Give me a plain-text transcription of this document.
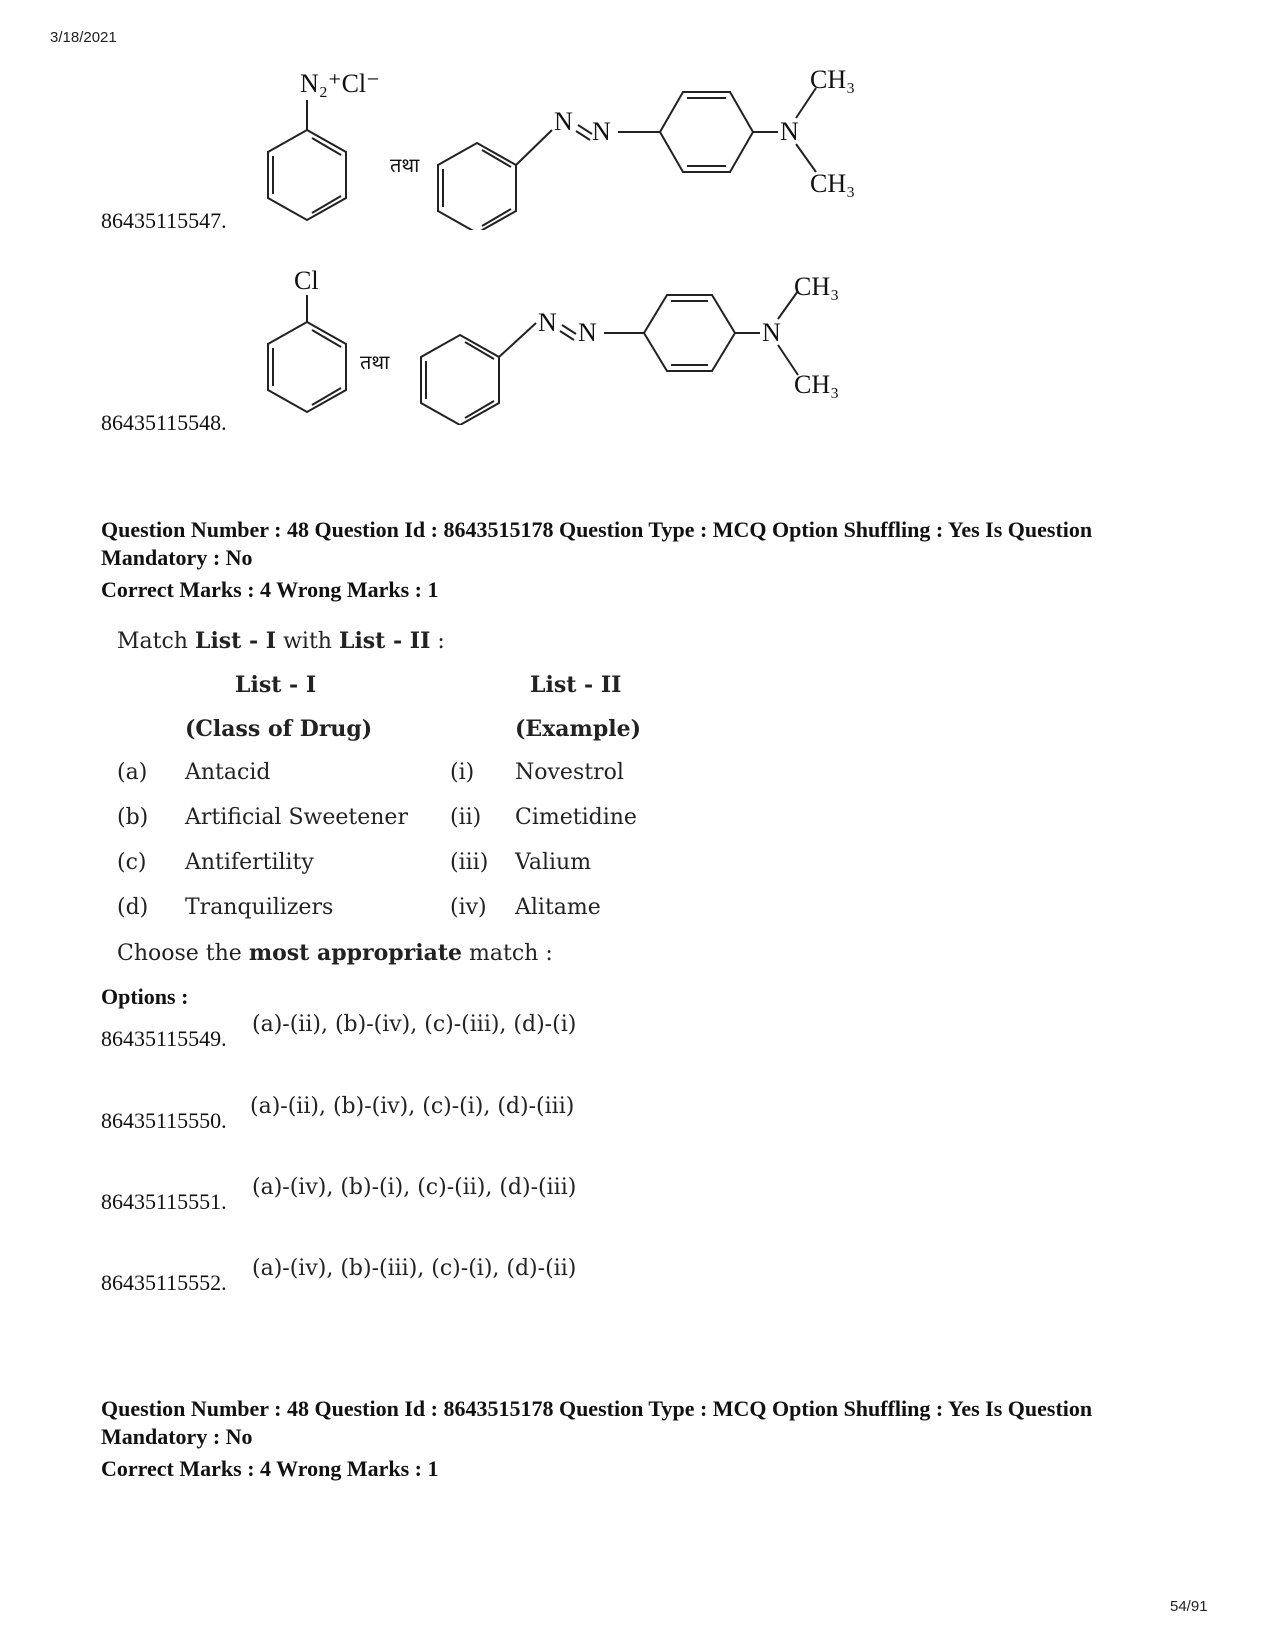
3/18/2021
54/91
86435115547.
N₂⁺Cl⁻
तथा
N N	N
CH₃
CH₃
86435115548.
Cl
तथा
N N	N
CH₃
CH₃
Question Number : 48 Question Id : 8643515178 Question Type : MCQ Option Shuffling : Yes Is Question Mandatory : No
Correct Marks : 4 Wrong Marks : 1
Match List - I with List - II :
List - I	List - II
(Class of Drug)	(Example)
(a) Antacid	(i) Novestrol
(b) Artificial Sweetener (ii) Cimetidine
(c) Antifertility	(iii) Valium
(d) Tranquilizers	(iv) Alitame
Choose the most appropriate match :
Options :
86435115549.
(a)-(ii), (b)-(iv), (c)-(iii), (d)-(i)
86435115550.
(a)-(ii), (b)-(iv), (c)-(i), (d)-(iii)
86435115551.
(a)-(iv), (b)-(i), (c)-(ii), (d)-(iii)
86435115552.
(a)-(iv), (b)-(iii), (c)-(i), (d)-(ii)
Question Number : 48 Question Id : 8643515178 Question Type : MCQ Option Shuffling : Yes Is Question Mandatory : No
Correct Marks : 4 Wrong Marks : 1
